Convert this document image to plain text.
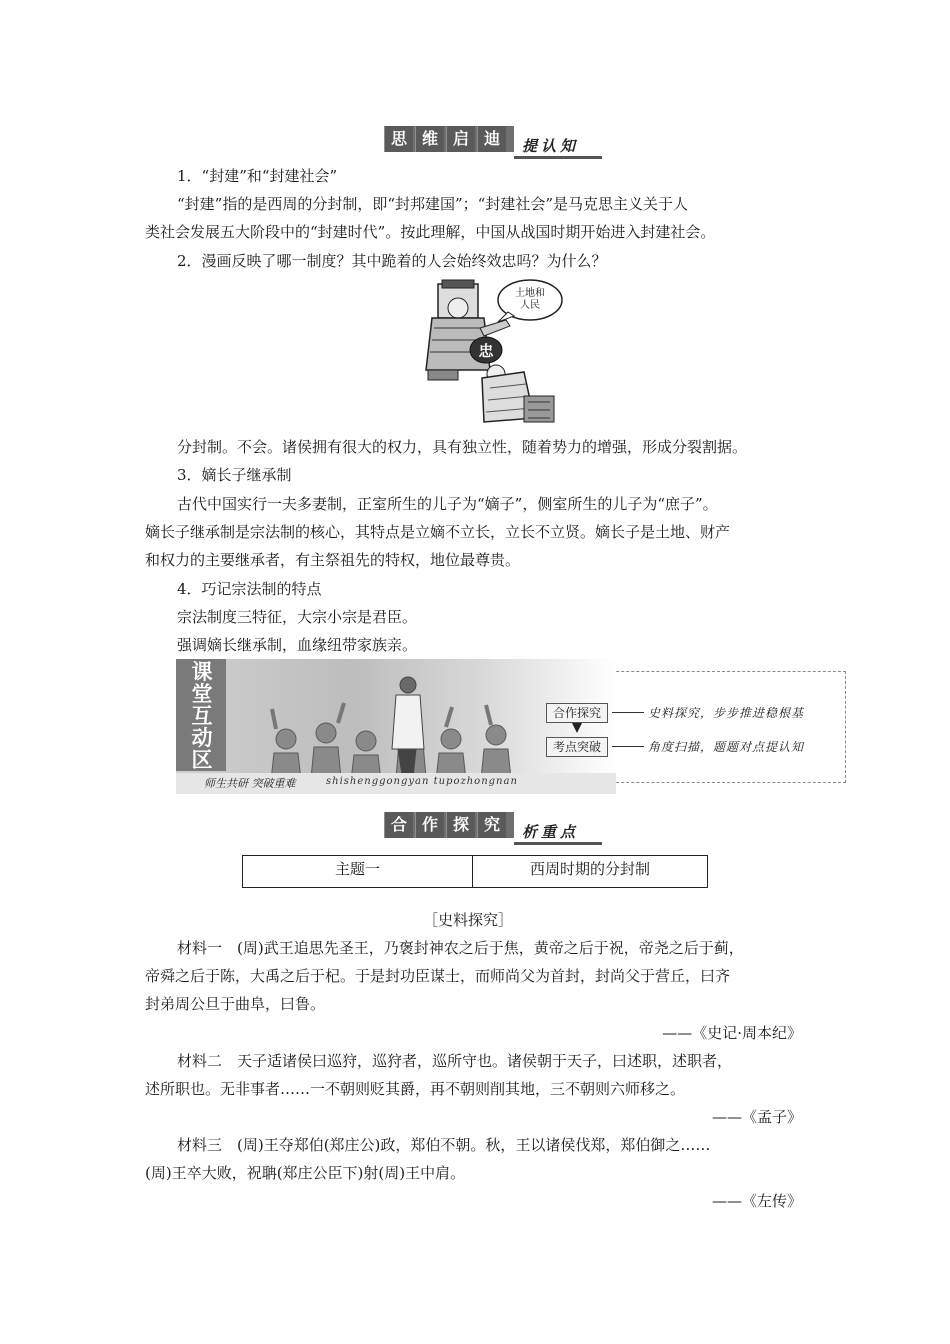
思 维 启 迪	提认知
1．“封建”和“封建社会”
“封建”指的是西周的分封制，即“封邦建国”；“封建社会”是马克思主义关于人
类社会发展五大阶段中的“封建时代”。按此理解，中国从战国时期开始进入封建社会。
2．漫画反映了哪一制度？其中跪着的人会始终效忠吗？为什么？
土地和
人民
忠
分封制。不会。诸侯拥有很大的权力，具有独立性，随着势力的增强，形成分裂割据。
3．嫡长子继承制
古代中国实行一夫多妻制，正室所生的儿子为“嫡子”，侧室所生的儿子为“庶子”。
嫡长子继承制是宗法制的核心，其特点是立嫡不立长，立长不立贤。嫡长子是土地、财产
和权力的主要继承者，有主祭祖先的特权，地位最尊贵。
4．巧记宗法制的特点
宗法制度三特征，大宗小宗是君臣。
强调嫡长继承制，血缘纽带家族亲。
课
堂
互
动
区
师生共研 突破重难	shishenggongyan tupozhongnan
合作探究
考点突破
史料探究，步步推进稳根基
角度扫描，题题对点提认知
合 作 探 究	析重点
主题一	西周时期的分封制
［史料探究］
材料一　(周)武王追思先圣王，乃褒封神农之后于焦，黄帝之后于祝，帝尧之后于蓟，
帝舜之后于陈，大禹之后于杞。于是封功臣谋士，而师尚父为首封，封尚父于营丘，曰齐
封弟周公旦于曲阜，曰鲁。
——《史记·周本纪》
材料二　天子适诸侯曰巡狩，巡狩者，巡所守也。诸侯朝于天子，曰述职，述职者，
述所职也。无非事者……一不朝则贬其爵，再不朝则削其地，三不朝则六师移之。
——《孟子》
材料三　(周)王夺郑伯(郑庄公)政，郑伯不朝。秋，王以诸侯伐郑，郑伯御之……
(周)王卒大败，祝聃(郑庄公臣下)射(周)王中肩。
——《左传》
